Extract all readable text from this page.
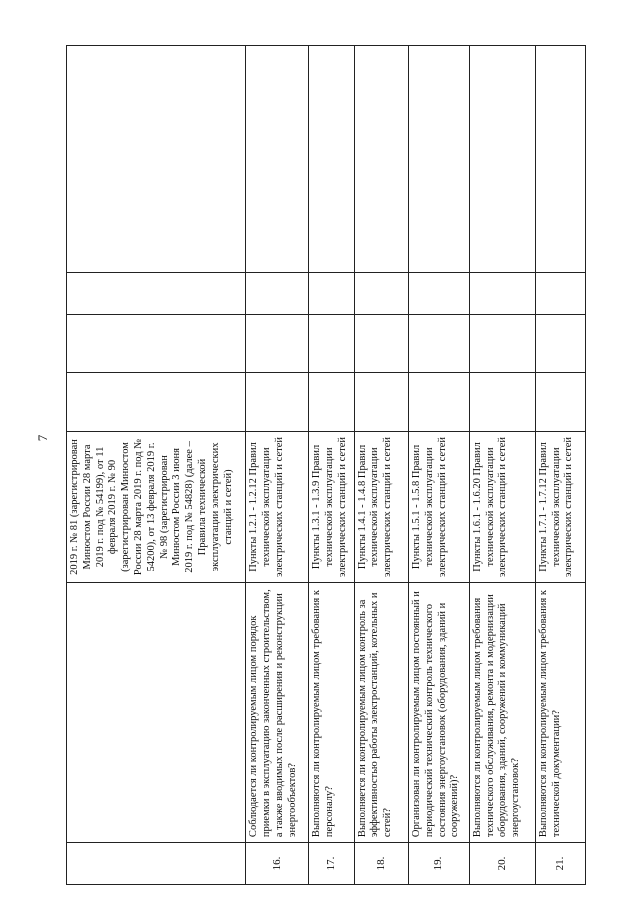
7
		2019 г. № 81 (зарегистрирован Минюстом России 28 марта 2019 г. под № 54199), от 11 февраля 2019 г. № 90 (зарегистрирован Минюстом России 28 марта 2019 г. под № 54200), от 13 февраля 2019 г. № 98 (зарегистрирован Минюстом России 3 июня 2019 г. под № 54828) (далее – Правила технической эксплуатации электрических станций и сетей)				
16.	Соблюдается ли контролируемым лицом порядок приемки в эксплуатацию законченных строительством, а также вводимых после расширения и реконструкции энергообъектов?	Пункты 1.2.1 - 1.2.12 Правил технической эксплуатации электрических станций и сетей				
17.	Выполняются ли контролируемым лицом требования к персоналу?	Пункты 1.3.1 - 1.3.9 Правил технической эксплуатации электрических станций и сетей				
18.	Выполняется ли контролируемым лицом контроль за эффективностью работы электростанций, котельных и сетей?	Пункты 1.4.1 - 1.4.8 Правил технической эксплуатации электрических станций и сетей				
19.	Организован ли контролируемым лицом постоянный и периодический технический контроль технического состояния энергоустановок (оборудования, зданий и сооружений)?	Пункты 1.5.1 - 1.5.8 Правил технической эксплуатации электрических станций и сетей				
20.	Выполняются ли контролируемым лицом требования технического обслуживания, ремонта и модернизации оборудования, зданий, сооружений и коммуникаций энергоустановок?	Пункты 1.6.1 - 1.6.20 Правил технической эксплуатации электрических станций и сетей				
21.	Выполняются ли контролируемым лицом требования к технической документации?	Пункты 1.7.1 - 1.7.12 Правил технической эксплуатации электрических станций и сетей				
